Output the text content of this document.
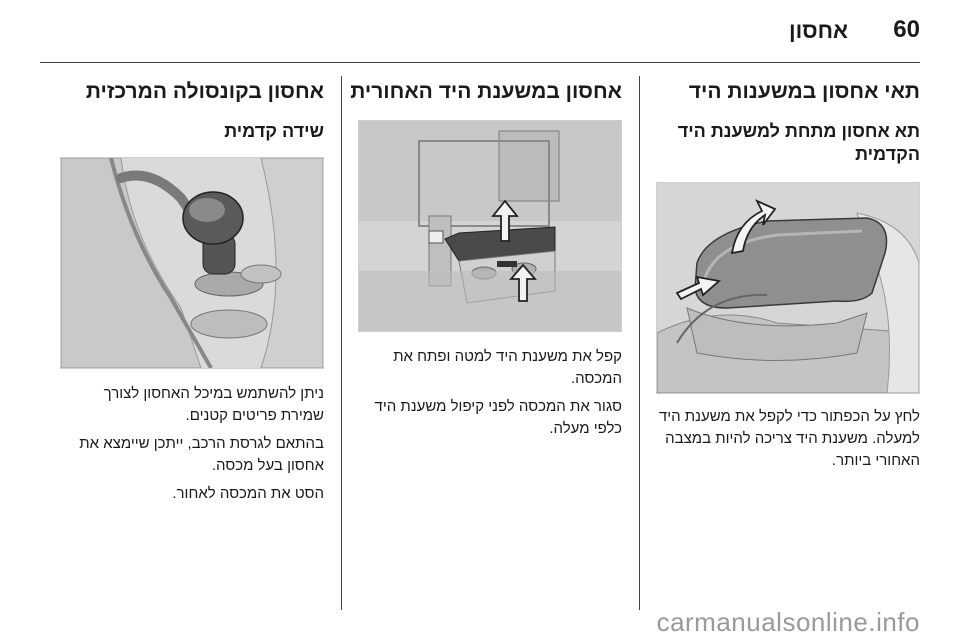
אחסון 60
תאי אחסון במשענות היד
תא אחסון מתחת למשענת היד הקדמית

לחץ על הכפתור כדי לקפל את משענת היד למעלה. משענת היד צריכה להיות במצבה האחורי ביותר.

אחסון במשענת היד האחורית

קפל את משענת היד למטה ופתח את המכסה.

סגור את המכסה לפני קיפול משענת היד כלפי מעלה.

אחסון בקונסולה המרכזית
שידה קדמית

ניתן להשתמש במיכל האחסון לצורך שמירת פריטים קטנים.

בהתאם לגרסת הרכב, ייתכן שיימצא את אחסון בעל מכסה.

הסט את המכסה לאחור.

carmanualsonline.info
